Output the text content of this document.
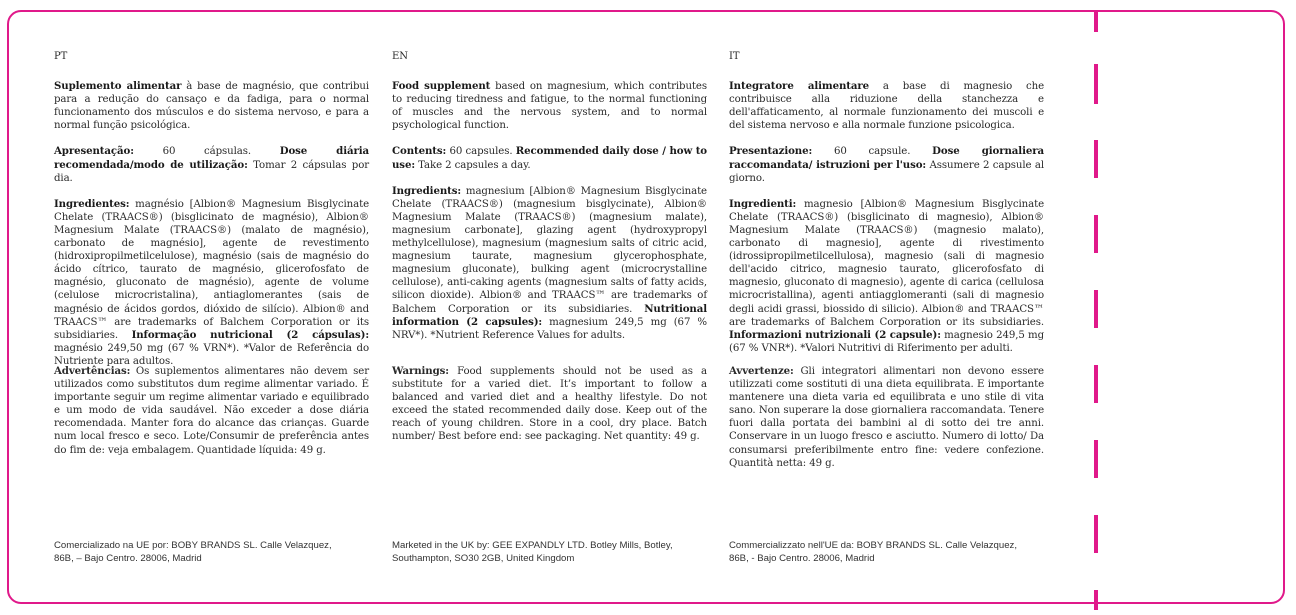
PT
Suplemento alimentar à base de magnésio, que contribui para a redução do cansaço e da fadiga, para o normal funcionamento dos músculos e do sistema nervoso, e para a normal função psicológica.
Apresentação: 60 cápsulas. Dose diária recomendada/modo de utilização: Tomar 2 cápsulas por dia.
Ingredientes: magnésio [Albion® Magnesium Bisglycinate Chelate (TRAACS®) (bisglicinato de magnésio), Albion® Magnesium Malate (TRAACS®) (malato de magnésio), carbonato de magnésio], agente de revestimento (hidroxipropilmetilcelulose), magnésio (sais de magnésio do ácido cítrico, taurato de magnésio, glicerofosfato de magnésio, gluconato de magnésio), agente de volume (celulose microcristalina), antiaglomerantes (sais de magnésio de ácidos gordos, dióxido de silício). Albion® and TRAACS™ are trademarks of Balchem Corporation or its subsidiaries. Informação nutricional (2 cápsulas): magnésio 249,50 mg (67 % VRN*). *Valor de Referência do Nutriente para adultos.
Advertências: Os suplementos alimentares não devem ser utilizados como substitutos dum regime alimentar variado. É importante seguir um regime alimentar variado e equilibrado e um modo de vida saudável. Não exceder a dose diária recomendada. Manter fora do alcance das crianças. Guarde num local fresco e seco. Lote/Consumir de preferência antes do fim de: veja embalagem. Quantidade líquida: 49 g.
Comercializado na UE por: BOBY BRANDS SL. Calle Velazquez, 86B, – Bajo Centro. 28006, Madrid
EN
Food supplement based on magnesium, which contributes to reducing tiredness and fatigue, to the normal functioning of muscles and the nervous system, and to normal psychological function.
Contents: 60 capsules. Recommended daily dose / how to use: Take 2 capsules a day.
Ingredients: magnesium [Albion® Magnesium Bisglycinate Chelate (TRAACS®) (magnesium bisglycinate), Albion® Magnesium Malate (TRAACS®) (magnesium malate), magnesium carbonate], glazing agent (hydroxypropyl methylcellulose), magnesium (magnesium salts of citric acid, magnesium taurate, magnesium glycerophosphate, magnesium gluconate), bulking agent (microcrystalline cellulose), anti-caking agents (magnesium salts of fatty acids, silicon dioxide). Albion® and TRAACS™ are trademarks of Balchem Corporation or its subsidiaries. Nutritional information (2 capsules): magnesium 249,5 mg (67 % NRV*). *Nutrient Reference Values for adults.
Warnings: Food supplements should not be used as a substitute for a varied diet. It’s important to follow a balanced and varied diet and a healthy lifestyle. Do not exceed the stated recommended daily dose. Keep out of the reach of young children. Store in a cool, dry place. Batch number/ Best before end: see packaging. Net quantity: 49 g.
Marketed in the UK by: GEE EXPANDLY LTD. Botley Mills, Botley, Southampton, SO30 2GB, United Kingdom
IT
Integratore alimentare a base di magnesio che contribuisce alla riduzione della stanchezza e dell'affaticamento, al normale funzionamento dei muscoli e del sistema nervoso e alla normale funzione psicologica.
Presentazione: 60 capsule. Dose giornaliera raccomandata/ istruzioni per l'uso: Assumere 2 capsule al giorno.
Ingredienti: magnesio [Albion® Magnesium Bisglycinate Chelate (TRAACS®) (bisglicinato di magnesio), Albion® Magnesium Malate (TRAACS®) (magnesio malato), carbonato di magnesio], agente di rivestimento (idrossipropilmetilcellulosa), magnesio (sali di magnesio dell'acido citrico, magnesio taurato, glicerofosfato di magnesio, gluconato di magnesio), agente di carica (cellulosa microcristallina), agenti antiagglomeranti (sali di magnesio degli acidi grassi, biossido di silicio). Albion® and TRAACS™ are trademarks of Balchem Corporation or its subsidiaries. Informazioni nutrizionali (2 capsule): magnesio 249,5 mg (67 % VNR*). *Valori Nutritivi di Riferimento per adulti.
Avvertenze: Gli integratori alimentari non devono essere utilizzati come sostituti di una dieta equilibrata. E importante mantenere una dieta varia ed equilibrata e uno stile di vita sano. Non superare la dose giornaliera raccomandata. Tenere fuori dalla portata dei bambini al di sotto dei tre anni. Conservare in un luogo fresco e asciutto. Numero di lotto/ Da consumarsi preferibilmente entro fine: vedere confezione. Quantità netta: 49 g.
Commercializzato nell'UE da: BOBY BRANDS SL. Calle Velazquez, 86B, - Bajo Centro. 28006, Madrid
